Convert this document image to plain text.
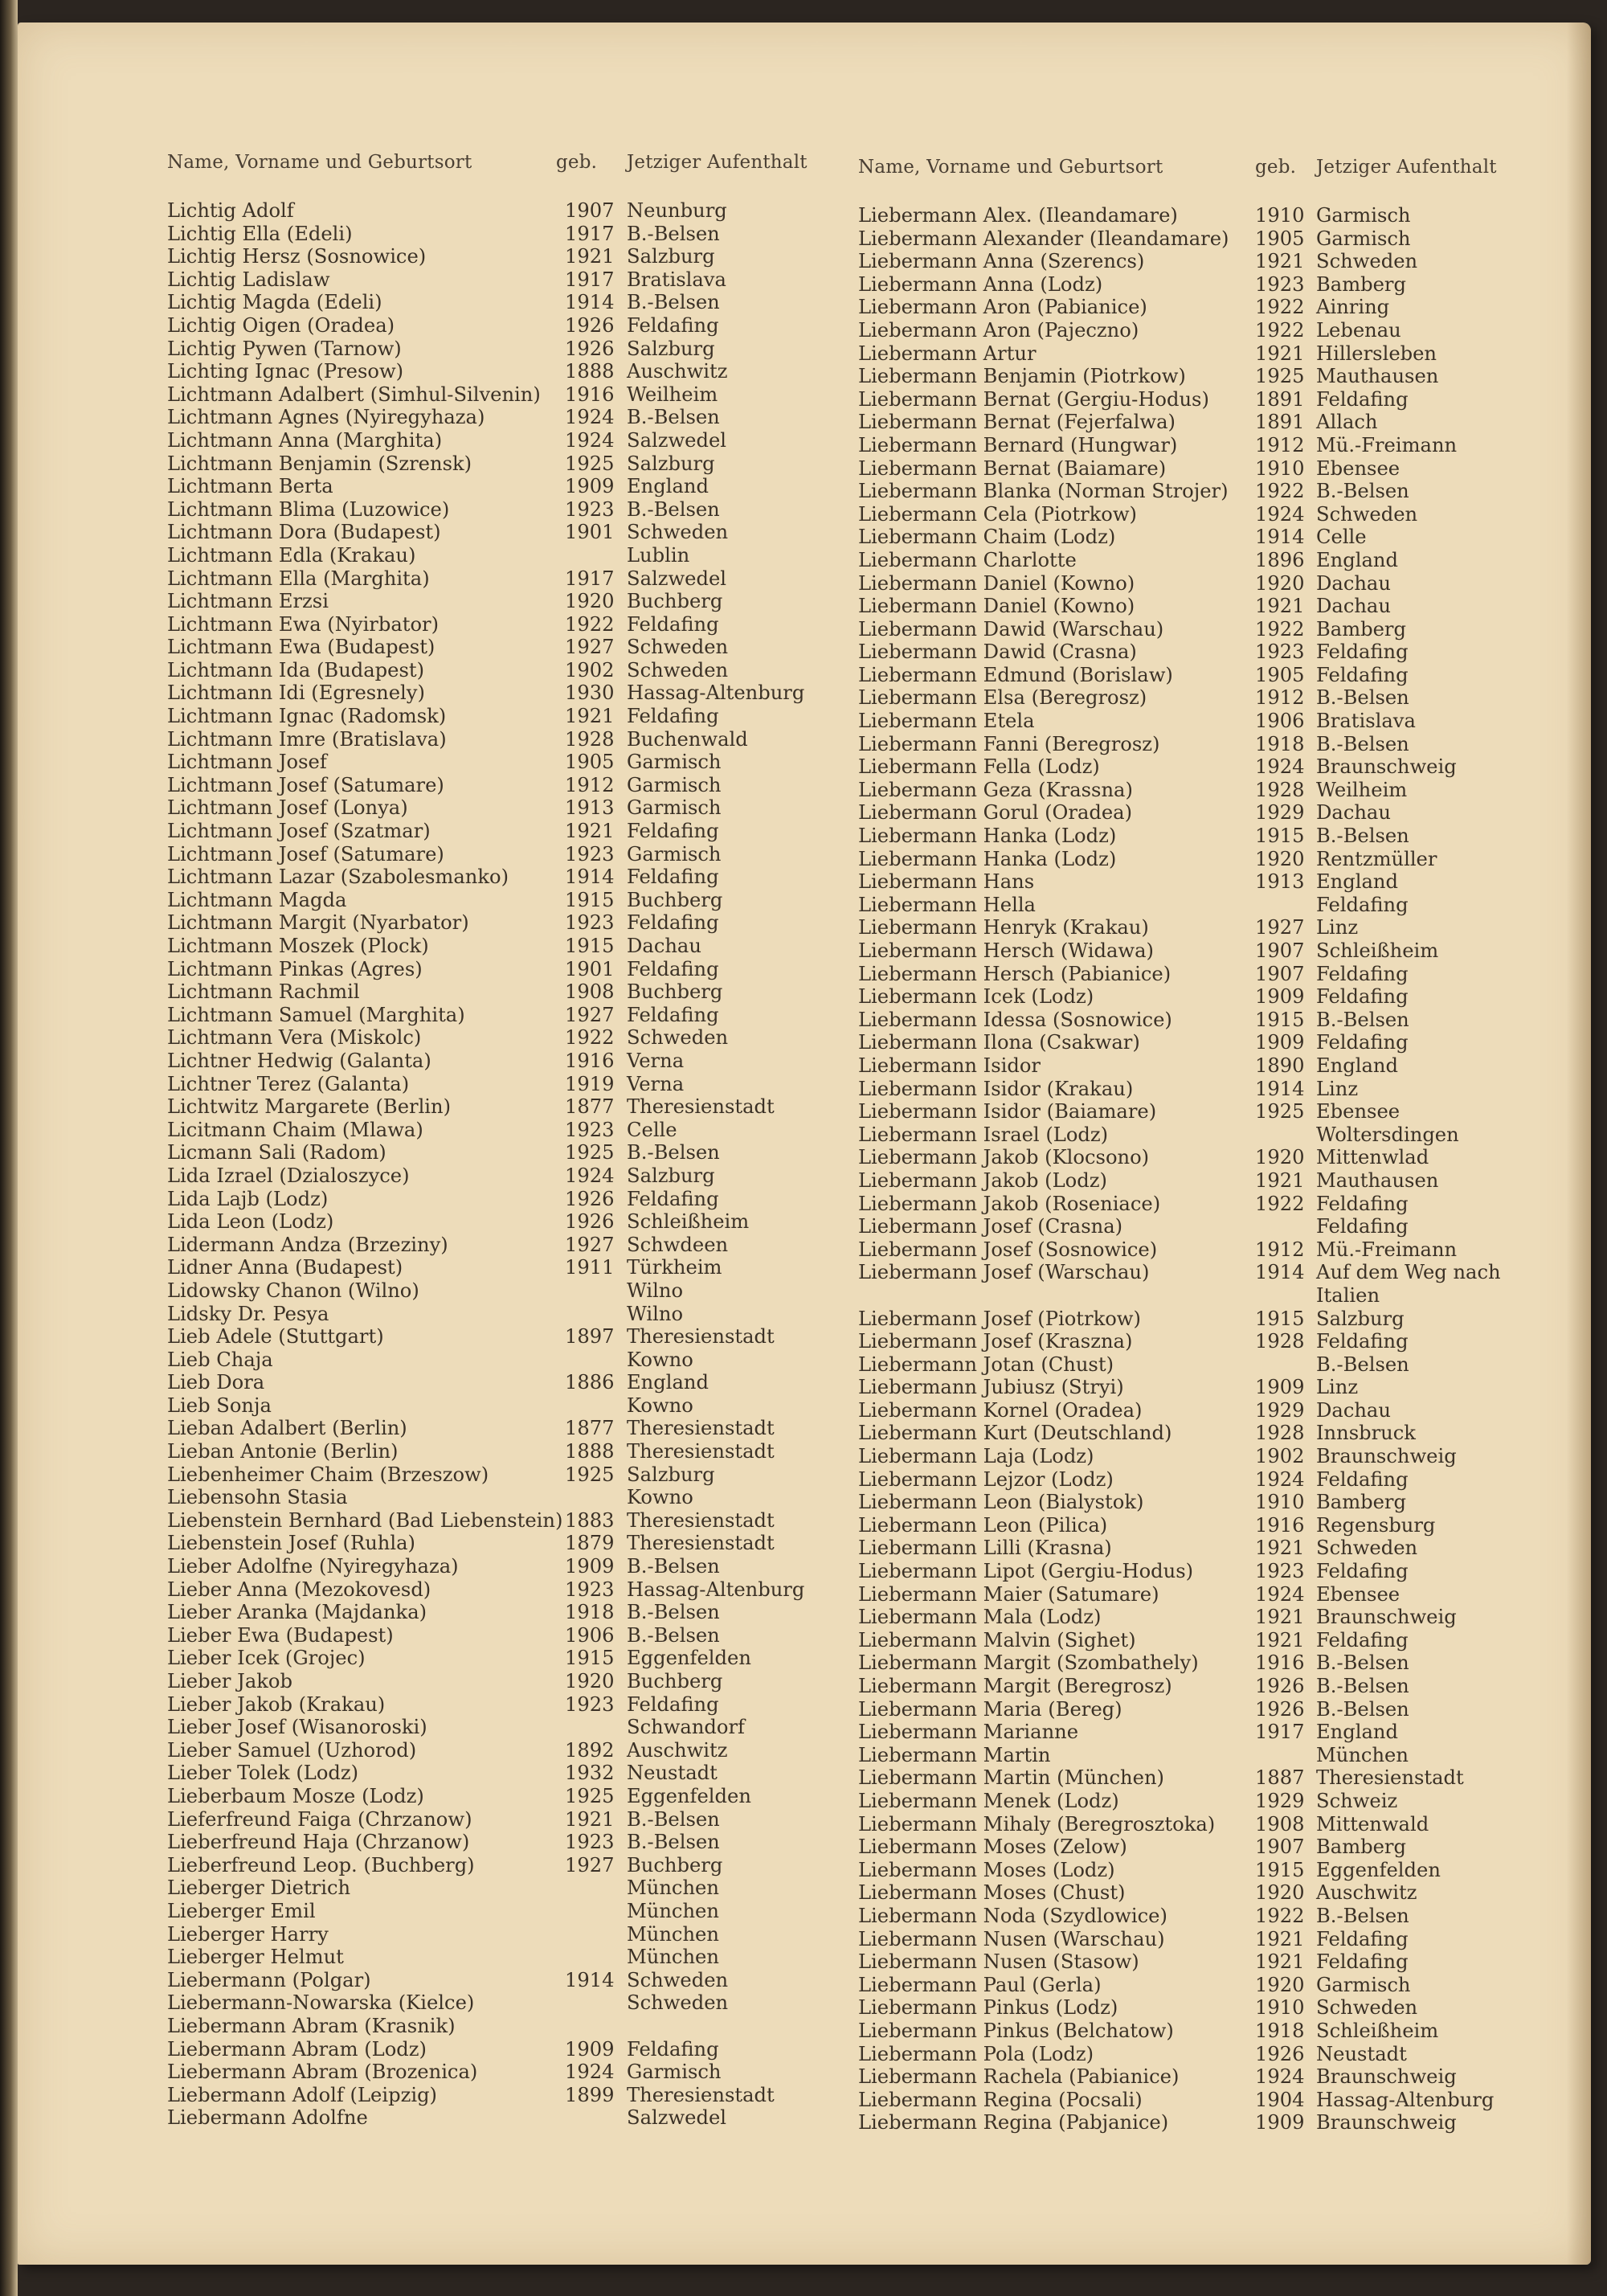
Name, Vorname und Geburtsort	geb. Jetziger Aufenthalt
Lichtig Adolf	1907 Neunburg
Lichtig Ella (Edeli)	1917 B.-Belsen
Lichtig Hersz (Sosnowice)	1921 Salzburg
Lichtig Ladislaw	1917 Bratislava
Lichtig Magda (Edeli)	1914 B.-Belsen
Lichtig Oigen (Oradea)	1926 Feldafing
Lichtig Pywen (Tarnow)	1926 Salzburg
Lichting Ignac (Presow)	1888 Auschwitz
Lichtmann Adalbert (Simhul-Silvenin) 1916 Weilheim
Lichtmann Agnes (Nyiregyhaza)	1924 B.-Belsen
Lichtmann Anna (Marghita)	1924 Salzwedel
Lichtmann Benjamin (Szrensk)	1925 Salzburg
Lichtmann Berta	1909 England
Lichtmann Blima (Luzowice)	1923 B.-Belsen
Lichtmann Dora (Budapest)	1901 Schweden
Lichtmann Edla (Krakau)	Lublin
Lichtmann Ella (Marghita)	1917 Salzwedel
Lichtmann Erzsi	1920 Buchberg
Lichtmann Ewa (Nyirbator)	1922 Feldafing
Lichtmann Ewa (Budapest)	1927 Schweden
Lichtmann Ida (Budapest)	1902 Schweden
Lichtmann Idi (Egresnely)	1930 Hassag-Altenburg
Lichtmann Ignac (Radomsk)	1921 Feldafing
Lichtmann Imre (Bratislava)	1928 Buchenwald
Lichtmann Josef	1905 Garmisch
Lichtmann Josef (Satumare)	1912 Garmisch
Lichtmann Josef (Lonya)	1913 Garmisch
Lichtmann Josef (Szatmar)	1921 Feldafing
Lichtmann Josef (Satumare)	1923 Garmisch
Lichtmann Lazar (Szabolesmanko)	1914 Feldafing
Lichtmann Magda	1915 Buchberg
Lichtmann Margit (Nyarbator)	1923 Feldafing
Lichtmann Moszek (Plock)	1915 Dachau
Lichtmann Pinkas (Agres)	1901 Feldafing
Lichtmann Rachmil	1908 Buchberg
Lichtmann Samuel (Marghita)	1927 Feldafing
Lichtmann Vera (Miskolc)	1922 Schweden
Lichtner Hedwig (Galanta)	1916 Verna
Lichtner Terez (Galanta)	1919 Verna
Lichtwitz Margarete (Berlin)	1877 Theresienstadt
Licitmann Chaim (Mlawa)	1923 Celle
Licmann Sali (Radom)	1925 B.-Belsen
Lida Izrael (Dzialoszyce)	1924 Salzburg
Lida Lajb (Lodz)	1926 Feldafing
Lida Leon (Lodz)	1926 Schleißheim
Lidermann Andza (Brzeziny)	1927 Schwdeen
Lidner Anna (Budapest)	1911 Türkheim
Lidowsky Chanon (Wilno)	Wilno
Lidsky Dr. Pesya	Wilno
Lieb Adele (Stuttgart)	1897 Theresienstadt
Lieb Chaja	Kowno
Lieb Dora	1886 England
Lieb Sonja	Kowno
Lieban Adalbert (Berlin)	1877 Theresienstadt
Lieban Antonie (Berlin)	1888 Theresienstadt
Liebenheimer Chaim (Brzeszow)	1925 Salzburg
Liebensohn Stasia	Kowno
Liebenstein Bernhard (Bad Liebenstein) 1883 Theresienstadt
Liebenstein Josef (Ruhla)	1879 Theresienstadt
Lieber Adolfne (Nyiregyhaza)	1909 B.-Belsen
Lieber Anna (Mezokovesd)	1923 Hassag-Altenburg
Lieber Aranka (Majdanka)	1918 B.-Belsen
Lieber Ewa (Budapest)	1906 B.-Belsen
Lieber Icek (Grojec)	1915 Eggenfelden
Lieber Jakob	1920 Buchberg
Lieber Jakob (Krakau)	1923 Feldafing
Lieber Josef (Wisanoroski)	Schwandorf
Lieber Samuel (Uzhorod)	1892 Auschwitz
Lieber Tolek (Lodz)	1932 Neustadt
Lieberbaum Mosze (Lodz)	1925 Eggenfelden
Lieferfreund Faiga (Chrzanow)	1921 B.-Belsen
Lieberfreund Haja (Chrzanow)	1923 B.-Belsen
Lieberfreund Leop. (Buchberg)	1927 Buchberg
Lieberger Dietrich	München
Lieberger Emil	München
Lieberger Harry	München
Lieberger Helmut	München
Liebermann (Polgar)	1914 Schweden
Liebermann-Nowarska (Kielce)	Schweden
Liebermann Abram (Krasnik)
Liebermann Abram (Lodz)	1909 Feldafing
Liebermann Abram (Brozenica)	1924 Garmisch
Liebermann Adolf (Leipzig)	1899 Theresienstadt
Liebermann Adolfne	Salzwedel
Name, Vorname und Geburtsort	geb. Jetziger Aufenthalt
Liebermann Alex. (Ileandamare)	1910 Garmisch
Liebermann Alexander (Ileandamare) 1905 Garmisch
Liebermann Anna (Szerencs)	1921 Schweden
Liebermann Anna (Lodz)	1923 Bamberg
Liebermann Aron (Pabianice)	1922 Ainring
Liebermann Aron (Pajeczno)	1922 Lebenau
Liebermann Artur	1921 Hillersleben
Liebermann Benjamin (Piotrkow)	1925 Mauthausen
Liebermann Bernat (Gergiu-Hodus) 1891 Feldafing
Liebermann Bernat (Fejerfalwa)	1891 Allach
Liebermann Bernard (Hungwar)	1912 Mü.-Freimann
Liebermann Bernat (Baiamare)	1910 Ebensee
Liebermann Blanka (Norman Strojer) 1922 B.-Belsen
Liebermann Cela (Piotrkow)	1924 Schweden
Liebermann Chaim (Lodz)	1914 Celle
Liebermann Charlotte	1896 England
Liebermann Daniel (Kowno)	1920 Dachau
Liebermann Daniel (Kowno)	1921 Dachau
Liebermann Dawid (Warschau)	1922 Bamberg
Liebermann Dawid (Crasna)	1923 Feldafing
Liebermann Edmund (Borislaw)	1905 Feldafing
Liebermann Elsa (Beregrosz)	1912 B.-Belsen
Liebermann Etela	1906 Bratislava
Liebermann Fanni (Beregrosz)	1918 B.-Belsen
Liebermann Fella (Lodz)	1924 Braunschweig
Liebermann Geza (Krassna)	1928 Weilheim
Liebermann Gorul (Oradea)	1929 Dachau
Liebermann Hanka (Lodz)	1915 B.-Belsen
Liebermann Hanka (Lodz)	1920 Rentzmüller
Liebermann Hans	1913 England
Liebermann Hella	Feldafing
Liebermann Henryk (Krakau)	1927 Linz
Liebermann Hersch (Widawa)	1907 Schleißheim
Liebermann Hersch (Pabianice)	1907 Feldafing
Liebermann Icek (Lodz)	1909 Feldafing
Liebermann Idessa (Sosnowice)	1915 B.-Belsen
Liebermann Ilona (Csakwar)	1909 Feldafing
Liebermann Isidor	1890 England
Liebermann Isidor (Krakau)	1914 Linz
Liebermann Isidor (Baiamare)	1925 Ebensee
Liebermann Israel (Lodz)	Woltersdingen
Liebermann Jakob (Klocsono)	1920 Mittenwlad
Liebermann Jakob (Lodz)	1921 Mauthausen
Liebermann Jakob (Roseniace)	1922 Feldafing
Liebermann Josef (Crasna)	Feldafing
Liebermann Josef (Sosnowice)	1912 Mü.-Freimann
Liebermann Josef (Warschau)	1914 Auf dem Weg nach
Italien
Liebermann Josef (Piotrkow)	1915 Salzburg
Liebermann Josef (Kraszna)	1928 Feldafing
Liebermann Jotan (Chust)	B.-Belsen
Liebermann Jubiusz (Stryi)	1909 Linz
Liebermann Kornel (Oradea)	1929 Dachau
Liebermann Kurt (Deutschland)	1928 Innsbruck
Liebermann Laja (Lodz)	1902 Braunschweig
Liebermann Lejzor (Lodz)	1924 Feldafing
Liebermann Leon (Bialystok)	1910 Bamberg
Liebermann Leon (Pilica)	1916 Regensburg
Liebermann Lilli (Krasna)	1921 Schweden
Liebermann Lipot (Gergiu-Hodus)	1923 Feldafing
Liebermann Maier (Satumare)	1924 Ebensee
Liebermann Mala (Lodz)	1921 Braunschweig
Liebermann Malvin (Sighet)	1921 Feldafing
Liebermann Margit (Szombathely)	1916 B.-Belsen
Liebermann Margit (Beregrosz)	1926 B.-Belsen
Liebermann Maria (Bereg)	1926 B.-Belsen
Liebermann Marianne	1917 England
Liebermann Martin	München
Liebermann Martin (München)	1887 Theresienstadt
Liebermann Menek (Lodz)	1929 Schweiz
Liebermann Mihaly (Beregrosztoka) 1908 Mittenwald
Liebermann Moses (Zelow)	1907 Bamberg
Liebermann Moses (Lodz)	1915 Eggenfelden
Liebermann Moses (Chust)	1920 Auschwitz
Liebermann Noda (Szydlowice)	1922 B.-Belsen
Liebermann Nusen (Warschau)	1921 Feldafing
Liebermann Nusen (Stasow)	1921 Feldafing
Liebermann Paul (Gerla)	1920 Garmisch
Liebermann Pinkus (Lodz)	1910 Schweden
Liebermann Pinkus (Belchatow)	1918 Schleißheim
Liebermann Pola (Lodz)	1926 Neustadt
Liebermann Rachela (Pabianice)	1924 Braunschweig
Liebermann Regina (Pocsali)	1904 Hassag-Altenburg
Liebermann Regina (Pabjanice)	1909 Braunschweig
